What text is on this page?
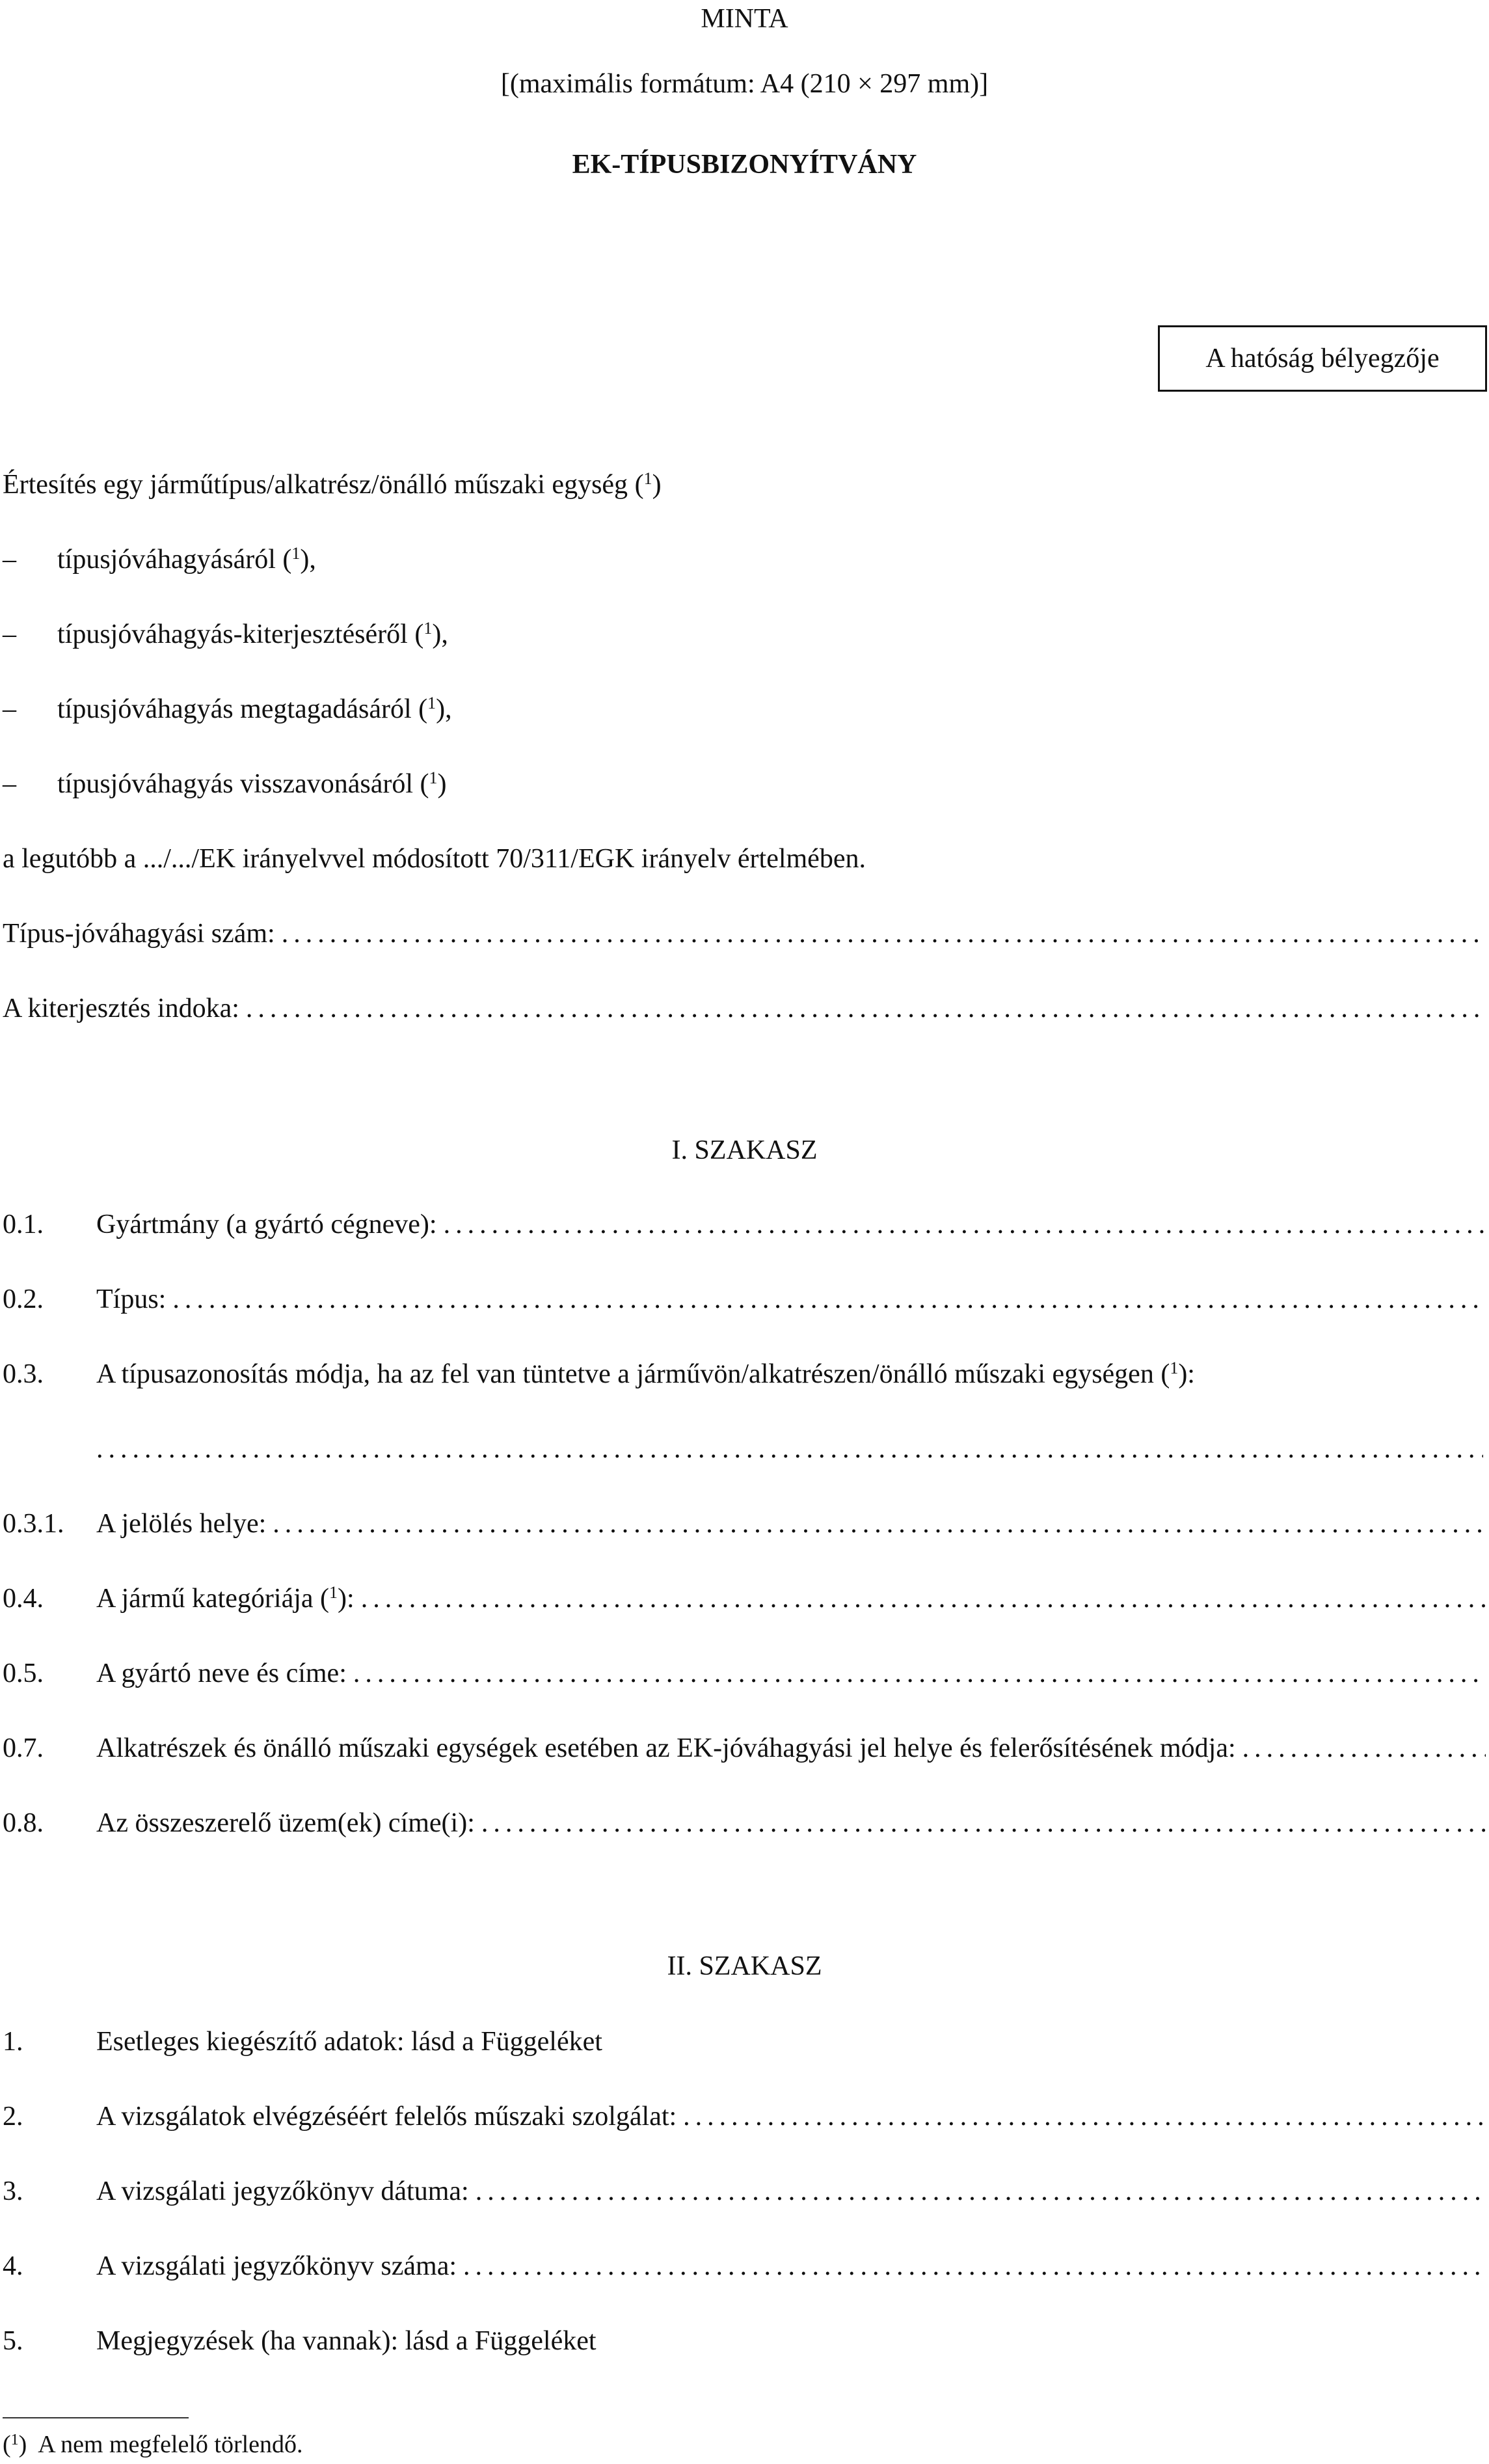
MINTA
[(maximális formátum: A4 (210 × 297 mm)]
EK-TÍPUSBIZONYÍTVÁNY
A hatóság bélyegzője
Értesítés egy járműtípus/alkatrész/önálló műszaki egység ($^1$)
– típusjóváhagyásáról ($^1$),
– típusjóváhagyás-kiterjesztéséről ($^1$),
– típusjóváhagyás megtagadásáról ($^1$),
– típusjóváhagyás visszavonásáról ($^1$)
a legutóbb a .../.../EK irányelvvel módosított 70/311/EGK irányelv értelmében.
Típus-jóváhagyási szám:
.....
A kiterjesztés indoka:
.....
I. SZAKASZ
0.1.	Gyártmány (a gyártó cégneve):
.....
0.2.	Típus:
.....
0.3.	A típusazonosítás módja, ha az fel van tüntetve a járművön/alkatrészen/önálló műszaki egységen ($^1$):
.....
0.3.1.	A jelölés helye:
.....
0.4.	A jármű kategóriája ($^1$):
.....
0.5.	A gyártó neve és címe:
.....
0.7.	Alkatrészek és önálló műszaki egységek esetében az EK-jóváhagyási jel helye és felerősítésének módja:
.....
0.8.	Az összeszerelő üzem(ek) címe(i):
.....
II. SZAKASZ
1.	Esetleges kiegészítő adatok: lásd a Függeléket
2.	A vizsgálatok elvégzéséért felelős műszaki szolgálat:
.....
3.	A vizsgálati jegyzőkönyv dátuma:
.....
4.	A vizsgálati jegyzőkönyv száma:
.....
5.	Megjegyzések (ha vannak): lásd a Függeléket
($^1$)  A nem megfelelő törlendő.
